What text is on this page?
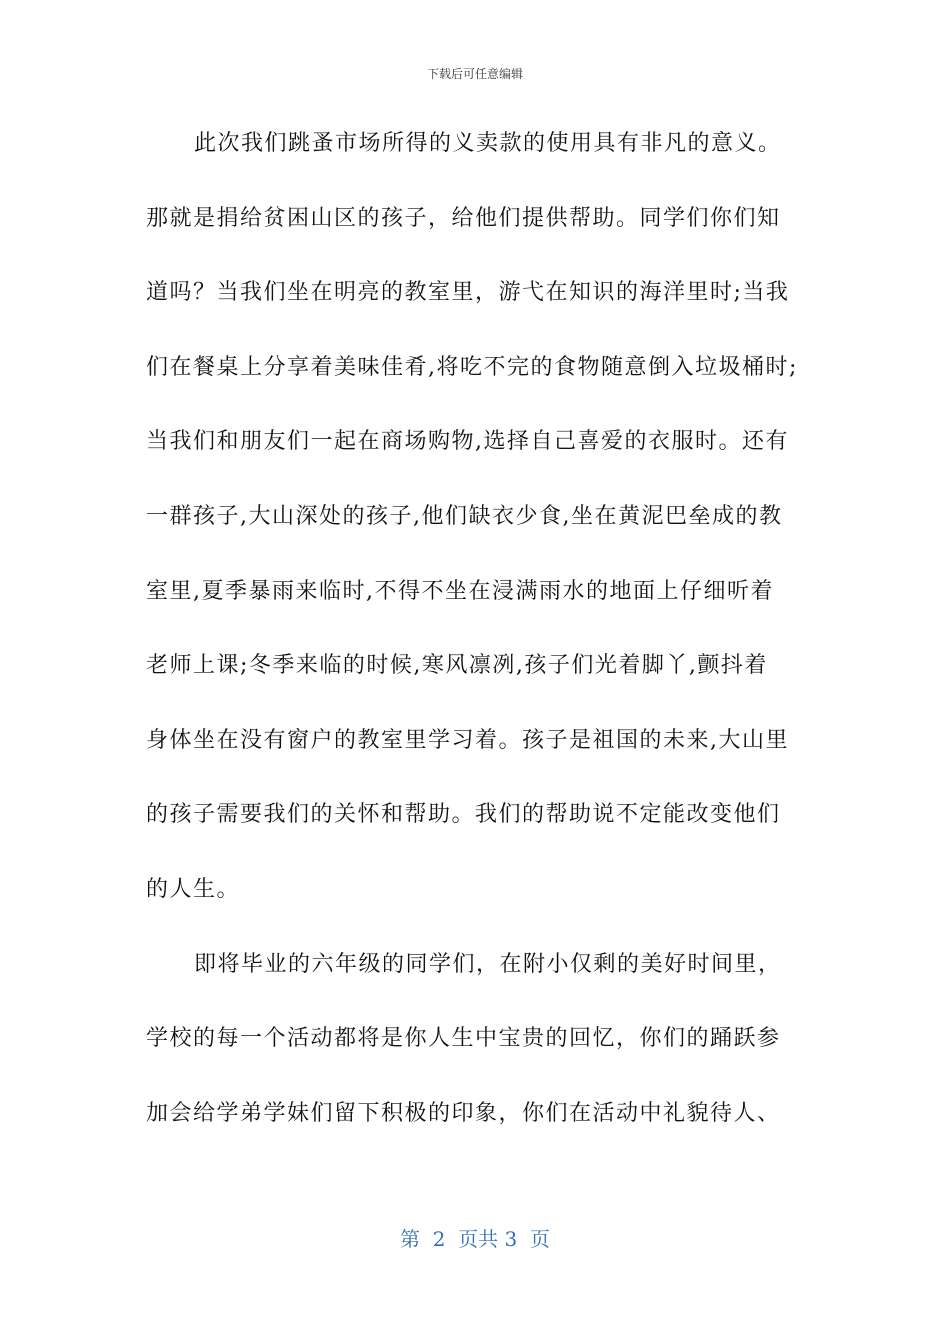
下载后可任意编辑
此次我们跳蚤市场所得的义卖款的使用具有非凡的意义。
那就是捐给贫困山区的孩子，给他们提供帮助。同学们你们知
道吗？当我们坐在明亮的教室里，游弋在知识的海洋里时;当我
们在餐桌上分享着美味佳肴,将吃不完的食物随意倒入垃圾桶时;
当我们和朋友们一起在商场购物,选择自己喜爱的衣服时。还有
一群孩子,大山深处的孩子,他们缺衣少食,坐在黄泥巴垒成的教
室里,夏季暴雨来临时,不得不坐在浸满雨水的地面上仔细听着
老师上课;冬季来临的时候,寒风凛冽,孩子们光着脚丫,颤抖着
身体坐在没有窗户的教室里学习着。孩子是祖国的未来,大山里
的孩子需要我们的关怀和帮助。我们的帮助说不定能改变他们
的人生。
即将毕业的六年级的同学们，在附小仅剩的美好时间里，
学校的每一个活动都将是你人生中宝贵的回忆，你们的踊跃参
加会给学弟学妹们留下积极的印象，你们在活动中礼貌待人、
第  2  页共 3  页
